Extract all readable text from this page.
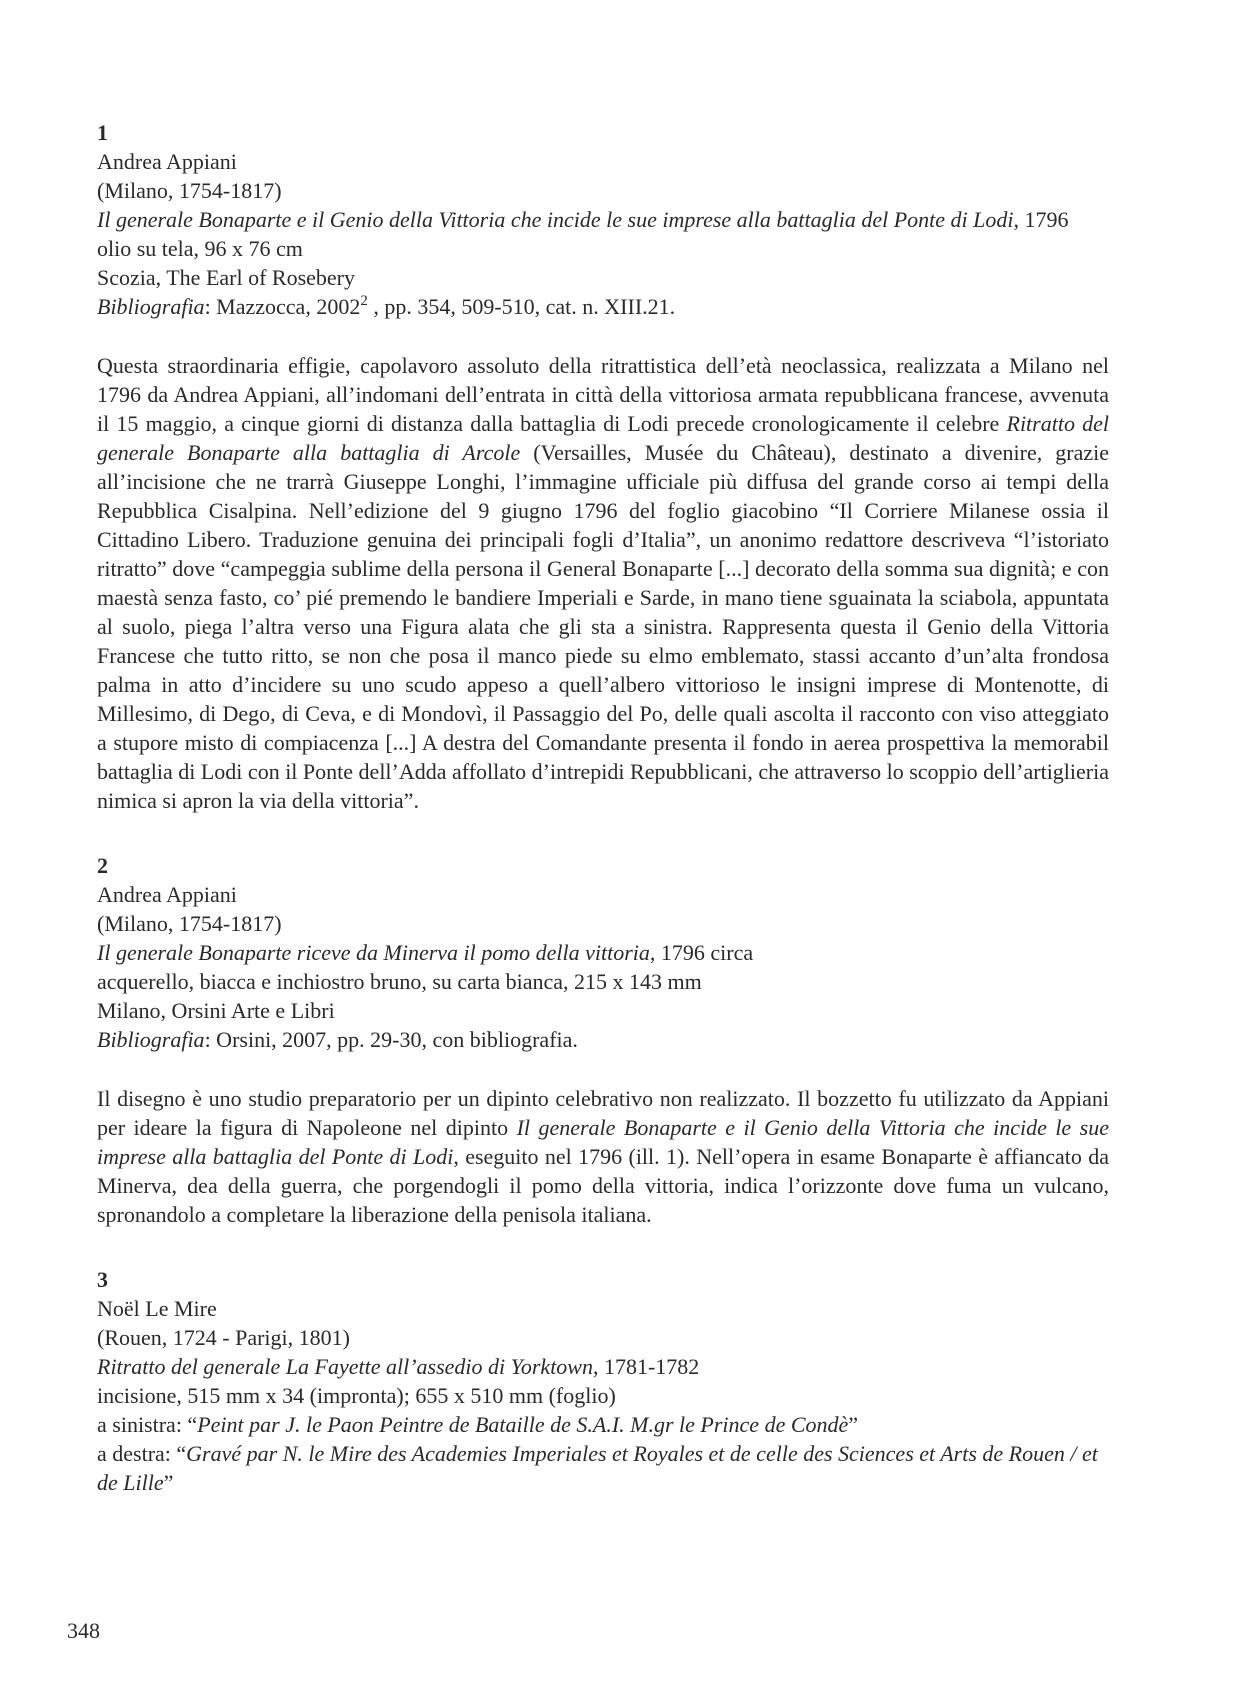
1
Andrea Appiani
(Milano, 1754-1817)
Il generale Bonaparte e il Genio della Vittoria che incide le sue imprese alla battaglia del Ponte di Lodi, 1796
olio su tela, 96 x 76 cm
Scozia, The Earl of Rosebery
Bibliografia: Mazzocca, 2002$^2$ , pp. 354, 509-510, cat. n. XIII.21.

Questa straordinaria effigie, capolavoro assoluto della ritrattistica dell’età neoclassica, realizzata a Milano nel 1796 da Andrea Appiani, all’indomani dell’entrata in città della vittoriosa armata repubblicana francese, avvenuta il 15 maggio, a cinque giorni di distanza dalla battaglia di Lodi precede cronologicamente il celebre Ritratto del generale Bonaparte alla battaglia di Arcole (Versailles, Musée du Château), destinato a divenire, grazie all’incisione che ne trarrà Giuseppe Longhi, l’immagine ufficiale più diffusa del grande corso ai tempi della Repubblica Cisalpina. Nell’edizione del 9 giugno 1796 del foglio giacobino “Il Corriere Milanese ossia il Cittadino Libero. Traduzione genuina dei principali fogli d’Italia”, un anonimo redattore descriveva “l’istoriato ritratto” dove “campeggia sublime della persona il General Bonaparte [...] decorato della somma sua dignità; e con maestà senza fasto, co’ pié premendo le bandiere Imperiali e Sarde, in mano tiene sguainata la sciabola, appuntata al suolo, piega l’altra verso una Figura alata che gli sta a sinistra. Rappresenta questa il Genio della Vittoria Francese che tutto ritto, se non che posa il manco piede su elmo emblemato, stassi accanto d’un’alta frondosa palma in atto d’incidere su uno scudo appeso a quell’albero vittorioso le insigni imprese di Montenotte, di Millesimo, di Dego, di Ceva, e di Mondovì, il Passaggio del Po, delle quali ascolta il racconto con viso atteggiato a stupore misto di compiacenza [...] A destra del Comandante presenta il fondo in aerea prospettiva la memorabil battaglia di Lodi con il Ponte dell’Adda affollato d’intrepidi Repubblicani, che attraverso lo scoppio dell’artiglieria nimica si apron la via della vittoria”.

2
Andrea Appiani
(Milano, 1754-1817)
Il generale Bonaparte riceve da Minerva il pomo della vittoria, 1796 circa
acquerello, biacca e inchiostro bruno, su carta bianca, 215 x 143 mm
Milano, Orsini Arte e Libri
Bibliografia: Orsini, 2007, pp. 29-30, con bibliografia.

Il disegno è uno studio preparatorio per un dipinto celebrativo non realizzato. Il bozzetto fu utilizzato da Appiani per ideare la figura di Napoleone nel dipinto Il generale Bonaparte e il Genio della Vittoria che incide le sue imprese alla battaglia del Ponte di Lodi, eseguito nel 1796 (ill. 1). Nell’opera in esame Bonaparte è affiancato da Minerva, dea della guerra, che porgendogli il pomo della vittoria, indica l’orizzonte dove fuma un vulcano, spronandolo a completare la liberazione della penisola italiana.

3
Noël Le Mire
(Rouen, 1724 - Parigi, 1801)
Ritratto del generale La Fayette all’assedio di Yorktown, 1781-1782
incisione, 515 mm x 34 (impronta); 655 x 510 mm (foglio)
a sinistra: “Peint par J. le Paon Peintre de Bataille de S.A.I. M.gr le Prince de Condè”
a destra: “Gravé par N. le Mire des Academies Imperiales et Royales et de celle des Sciences et Arts de Rouen / et de Lille”
348
